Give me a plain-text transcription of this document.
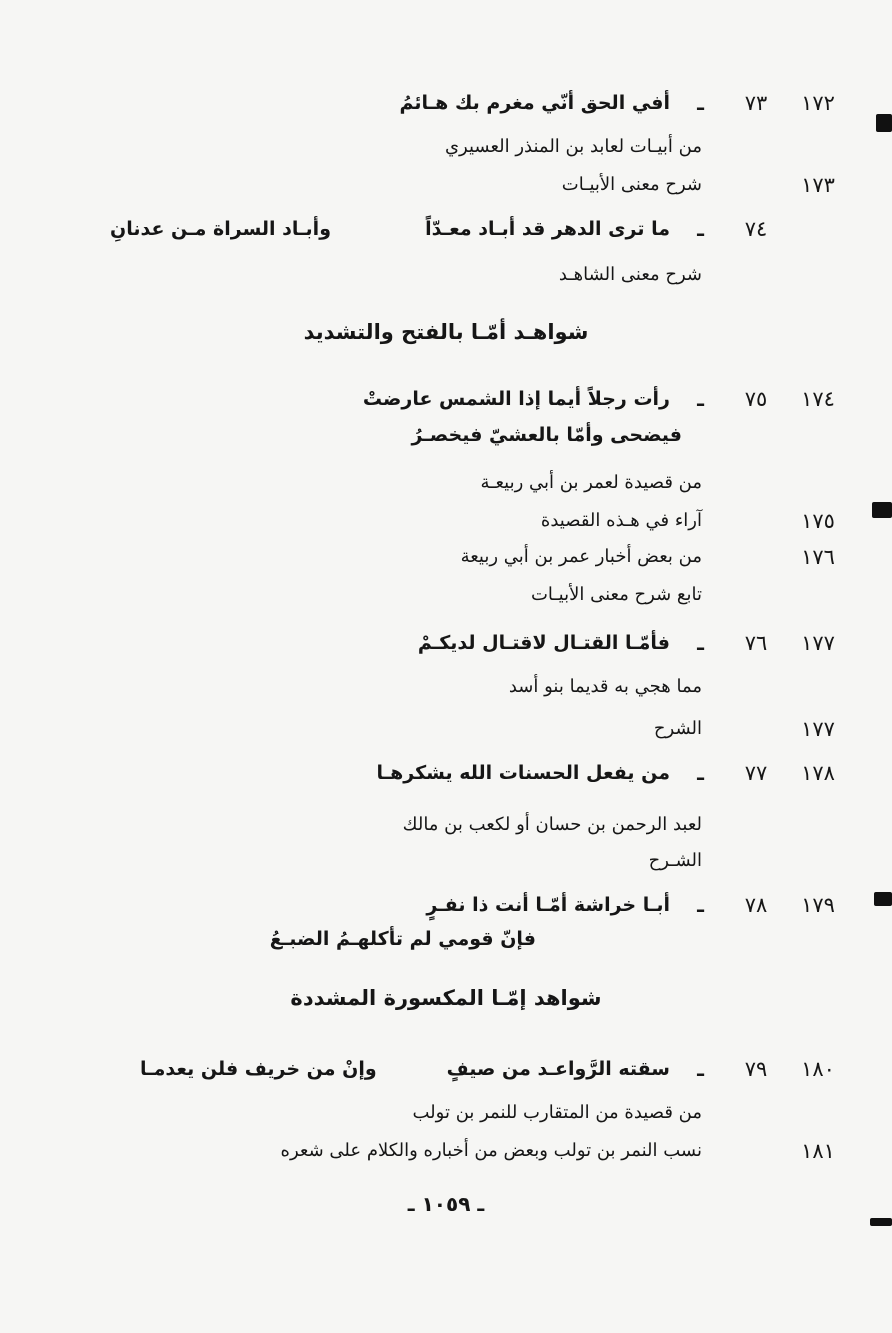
١٧٢
٧٣
ـ
أفي الحق أنّي مغرم بك هـائمُ
من أبيـات لعابد بن المنذر العسيري
١٧٣
شرح معنى الأبيـات
٧٤
ـ
ما ترى الدهر قد أبـاد معـدّاً
وأبـاد السراة مـن عدنانِ
شرح معنى الشاهـد
شواهـد أمّـا بالفتح والتشديد
١٧٤
٧٥
ـ
رأت رجلاً أيما إذا الشمس عارضتْ
فيضحى وأمّا بالعشيّ فيخصـرُ
من قصيدة لعمر بن أبي ربيعـة
١٧٥
آراء في هـذه القصيدة
١٧٦
من بعض أخبار عمر بن أبي ربيعة
تابع شرح معنى الأبيـات
١٧٧
٧٦
ـ
فأمّـا القتـال لاقتـال لديكـمْ
مما هجي به قديما بنو أسد
١٧٧
الشرح
١٧٨
٧٧
ـ
من يفعل الحسنات الله يشكرهـا
لعبد الرحمن بن حسان أو لكعب بن مالك
الشـرح
١٧٩
٧٨
ـ
أبـا خراشة أمّـا أنت ذا نفـرٍ
فإنّ قومي لم تأكلهـمُ الضبـعُ
شواهد إمّـا المكسورة المشددة
١٨٠
٧٩
ـ
سقته الرَّواعـد من صيفٍ
وإنْ من خريف فلن يعدمـا
من قصيدة من المتقارب للنمر بن تولب
١٨١
نسب النمر بن تولب وبعض من أخباره والكلام على شعره
ـ ١٠٥٩ ـ
